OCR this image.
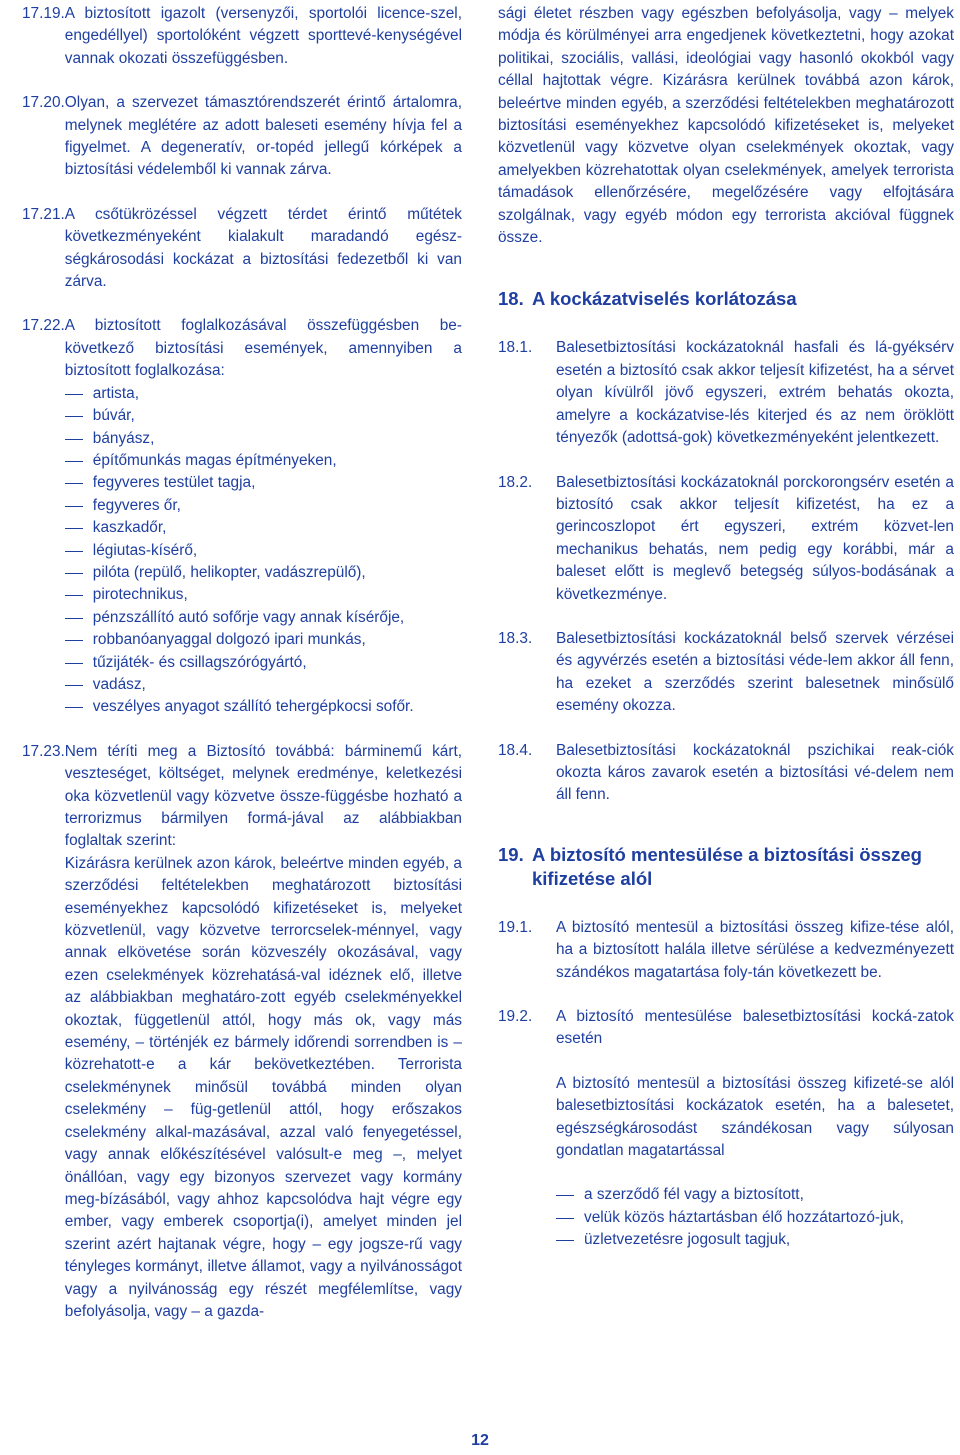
17.19. A biztosított igazolt (versenyzői, sportolói licence-szel, engedéllyel) sportolóként végzett sporttevé-kenységével vannak okozati összefüggésben.
17.20. Olyan, a szervezet támasztórendszerét érintő ártalomra, melynek meglétére az adott baleseti esemény hívja fel a figyelmet. A degeneratív, or-topéd jellegű kórképek a biztosítási védelemből ki vannak zárva.
17.21. A csőtükrözéssel végzett térdet érintő műtétek következményeként kialakult maradandó egész-ségkárosodási kockázat a biztosítási fedezetből ki van zárva.
17.22. A biztosított foglalkozásával összefüggésben be-következő biztosítási események, amennyiben a biztosított foglalkozása:

artista,
búvár,
bányász,
építőmunkás magas építményeken,
fegyveres testület tagja,
fegyveres őr,
kaszkadőr,
légiutas-kísérő,
pilóta (repülő, helikopter, vadászrepülő),
pirotechnikus,
pénzszállító autó sofőrje vagy annak kísérője,
robbanóanyaggal dolgozó ipari munkás,
tűzijáték- és csillagszórógyártó,
vadász,
veszélyes anyagot szállító tehergépkocsi sofőr.
17.23. Nem téríti meg a Biztosító továbbá: bárminemű kárt, veszteséget, költséget, melynek eredménye, keletkezési oka közvetlenül vagy közvetve össze-függésbe hozható a terrorizmus bármilyen formá-jával az alábbiakban foglaltak szerint:

Kizárásra kerülnek azon károk, beleértve minden egyéb, a szerződési feltételekben meghatározott biztosítási eseményekhez kapcsolódó kifizetéseket is, melyeket közvetlenül, vagy közvetve terrorcselek-ménnyel, vagy annak elkövetése során közveszély okozásával, vagy ezen cselekmények közrehatásá-val idéznek elő, illetve az alábbiakban meghatáro-zott egyéb cselekményekkel okoztak, függetlenül attól, hogy más ok, vagy más esemény, – történjék ez bármely időrendi sorrendben is – közrehatott-e a kár bekövetkeztében. Terrorista cselekménynek minősül továbbá minden olyan cselekmény – füg-getlenül attól, hogy erőszakos cselekmény alkal-mazásával, azzal való fenyegetéssel, vagy annak előkészítésével valósult-e meg –, melyet önállóan, vagy egy bizonyos szervezet vagy kormány meg-bízásából, vagy ahhoz kapcsolódva hajt végre egy ember, vagy emberek csoportja(i), amelyet minden jel szerint azért hajtanak végre, hogy – egy jogsze-rű vagy tényleges kormányt, illetve államot, vagy a nyilvánosságot vagy a nyilvánosság egy részét megfélemlítse, vagy befolyásolja, vagy – a gazda-

sági életet részben vagy egészben befolyásolja, vagy – melyek módja és körülményei arra engedjenek következtetni, hogy azokat politikai, szociális, vallási, ideológiai vagy hasonló okokból vagy céllal hajtottak végre. Kizárásra kerülnek továbbá azon károk, beleértve minden egyéb, a szerződési feltételekben meghatározott biztosítási eseményekhez kapcsolódó kifizetéseket is, melyeket közvetlenül vagy közvetve olyan cselekmények okoztak, vagy amelyekben közrehatottak olyan cselekmények, amelyek terrorista támadások ellenőrzésére, megelőzésére vagy elfojtására szolgálnak, vagy egyéb módon egy terrorista akcióval függnek össze.
18. A kockázatviselés korlátozása
18.1.	Balesetbiztosítási kockázatoknál hasfali és lá-gyéksérv esetén a biztosító csak akkor teljesít kifizetést, ha a sérvet olyan kívülről jövő egyszeri, extrém behatás okozta, amelyre a kockázatvise-lés kiterjed és az nem öröklött tényezők (adottsá-gok) következményeként jelentkezett.
18.2.	Balesetbiztosítási kockázatoknál porckorongsérv esetén a biztosító csak akkor teljesít kifizetést, ha ez a gerincoszlopot ért egyszeri, extrém közvet-len mechanikus behatás, nem pedig egy korábbi, már a baleset előtt is meglevő betegség súlyos-bodásának a következménye.
18.3.	Balesetbiztosítási kockázatoknál belső szervek vérzései és agyvérzés esetén a biztosítási véde-lem akkor áll fenn, ha ezeket a szerződés szerint balesetnek minősülő esemény okozza.
18.4.	Balesetbiztosítási kockázatoknál pszichikai reak-ciók okozta káros zavarok esetén a biztosítási vé-delem nem áll fenn.
19. A biztosító mentesülése a biztosítási összeg kifizetése alól
19.1.	A biztosító mentesül a biztosítási összeg kifize-tése alól, ha a biztosított halála illetve sérülése a kedvezményezett szándékos magatartása foly-tán következett be.
19.2.	A biztosító mentesülése balesetbiztosítási kocká-zatok esetén

A biztosító mentesül a biztosítási összeg kifizeté-se alól balesetbiztosítási kockázatok esetén, ha a balesetet, egészségkárosodást szándékosan vagy súlyosan gondatlan magatartással

a szerződő fél vagy a biztosított,
velük közös háztartásban élő hozzátartozó-juk,
üzletvezetésre jogosult tagjuk,
12
